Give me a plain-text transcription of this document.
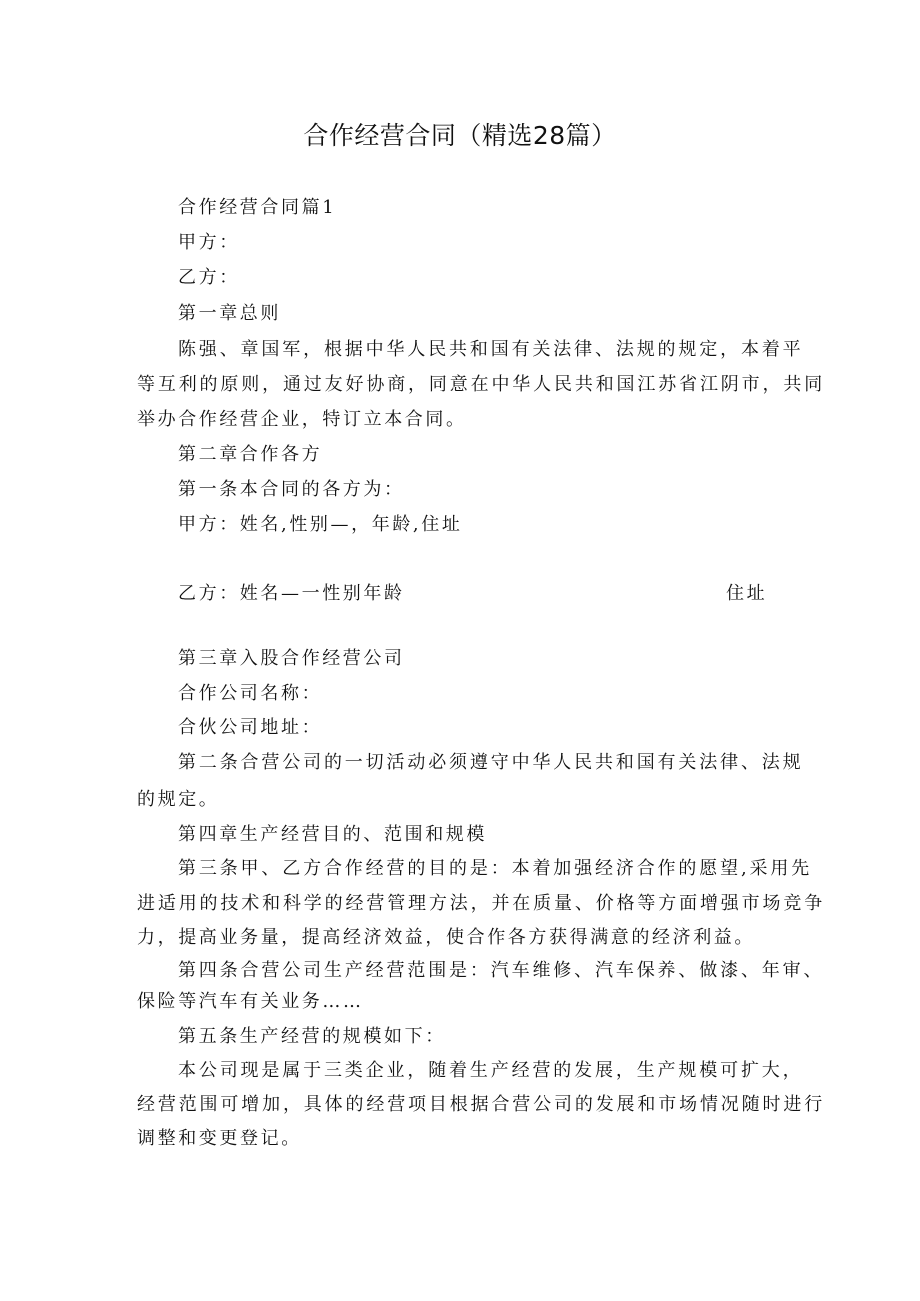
合作经营合同（精选28篇）
合作经营合同篇1
甲方：
乙方：
第一章总则
陈强、章国军，根据中华人民共和国有关法律、法规的规定，本着平
等互利的原则，通过友好协商，同意在中华人民共和国江苏省江阴市，共同
举办合作经营企业，特订立本合同。
第二章合作各方
第一条本合同的各方为：
甲方：姓名,性别—，年龄,住址
乙方：姓名—一性别年龄	住址
第三章入股合作经营公司
合作公司名称：
合伙公司地址：
第二条合营公司的一切活动必须遵守中华人民共和国有关法律、法规
的规定。
第四章生产经营目的、范围和规模
第三条甲、乙方合作经营的目的是：本着加强经济合作的愿望,采用先
进适用的技术和科学的经营管理方法，并在质量、价格等方面增强市场竞争
力，提高业务量，提高经济效益，使合作各方获得满意的经济利益。
第四条合营公司生产经营范围是：汽车维修、汽车保养、做漆、年审、
保险等汽车有关业务……
第五条生产经营的规模如下：
本公司现是属于三类企业，随着生产经营的发展，生产规模可扩大，
经营范围可增加，具体的经营项目根据合营公司的发展和市场情况随时进行
调整和变更登记。
